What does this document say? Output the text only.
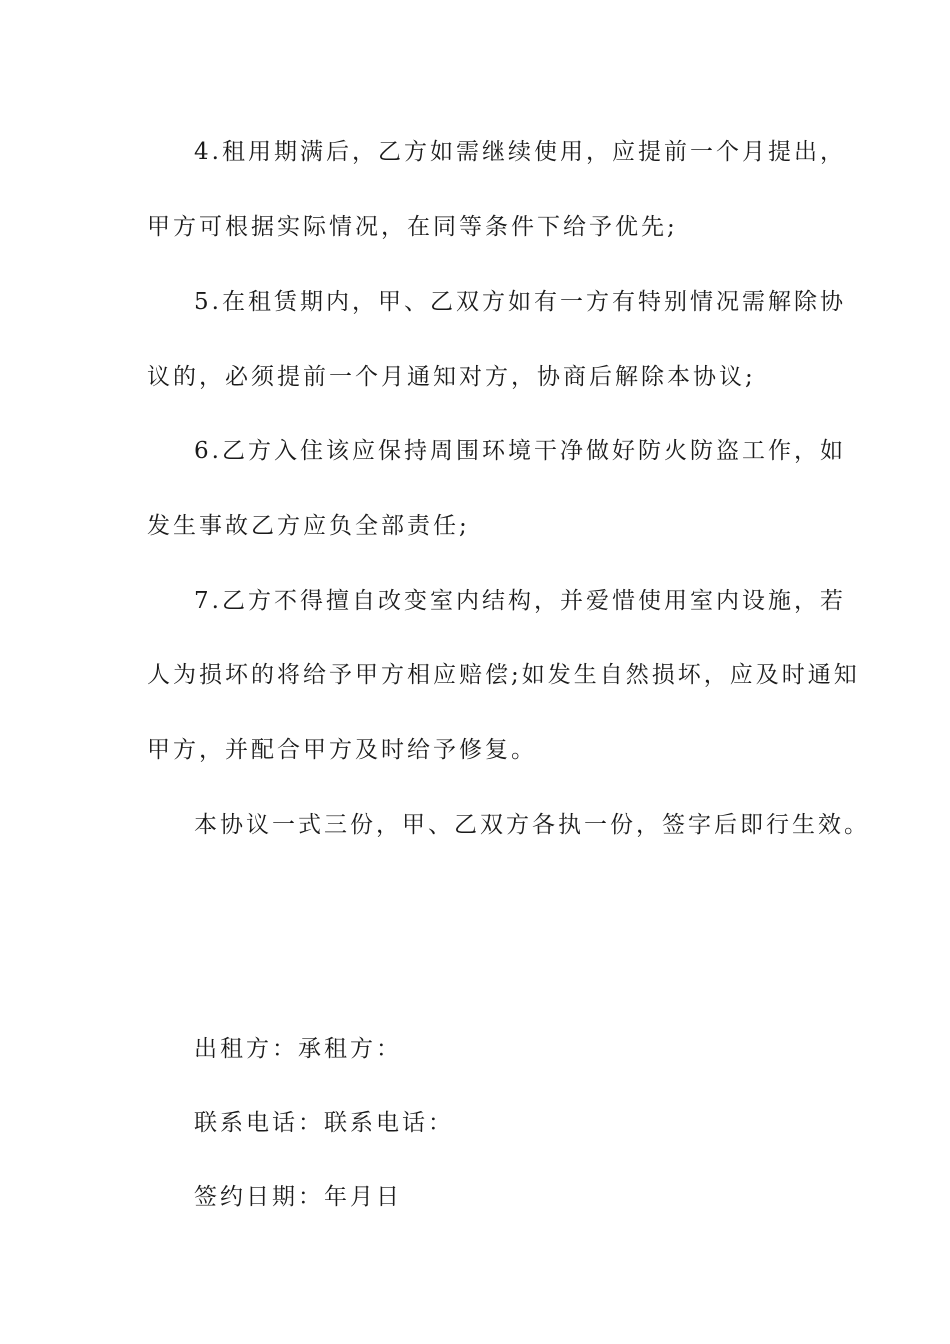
4.租用期满后，乙方如需继续使用，应提前一个月提出，
甲方可根据实际情况，在同等条件下给予优先;
5.在租赁期内，甲、乙双方如有一方有特别情况需解除协
议的，必须提前一个月通知对方，协商后解除本协议;
6.乙方入住该应保持周围环境干净做好防火防盗工作，如
发生事故乙方应负全部责任;
7.乙方不得擅自改变室内结构，并爱惜使用室内设施，若
人为损坏的将给予甲方相应赔偿;如发生自然损坏，应及时通知
甲方，并配合甲方及时给予修复。
本协议一式三份，甲、乙双方各执一份，签字后即行生效。
出租方：承租方：
联系电话：联系电话：
签约日期：年月日
